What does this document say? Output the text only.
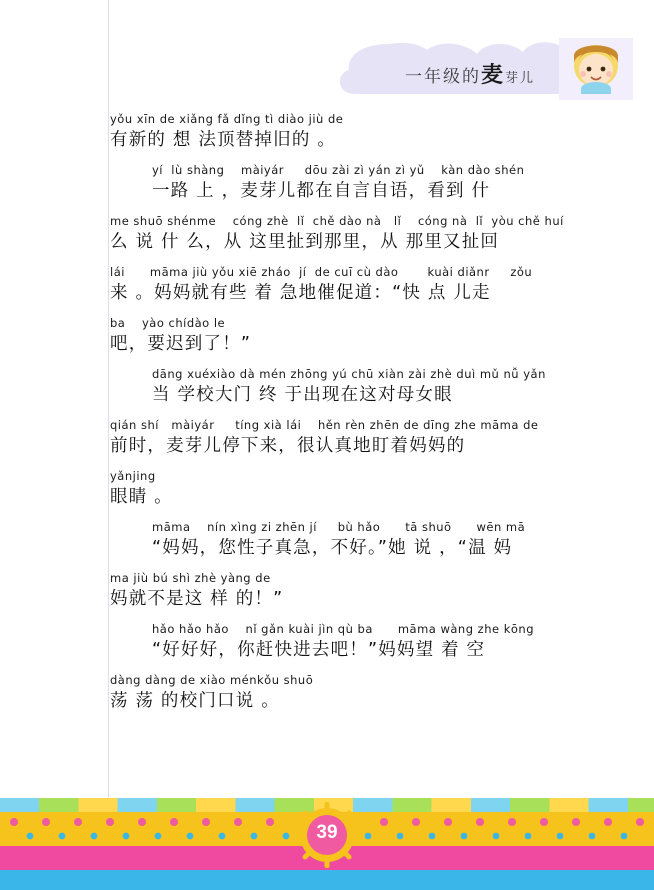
一年级的麦芽儿
yǒu xīn de xiǎng fǎ dǐng tì diào jiù de
有新的 想 法顶替掉旧的 。
yí  lù shàng    màiyár     dōu zài zì yán zì yǔ    kàn dào shén
一路 上 ，麦芽儿都在自言自语，看到 什
me shuō shénme    cóng zhè  lǐ  chě dào nà   lǐ    cóng nà  lǐ  yòu chě huí
么 说 什 么，从 这里扯到那里，从 那里又扯回
lái      māma jiù yǒu xiē zháo  jí  de cuī cù dào       kuài diǎnr     zǒu
来 。妈妈就有些 着 急地催促道：“快 点 儿走
ba    yào chídào le
吧，要迟到了！”
dāng xuéxiào dà mén zhōng yú chū xiàn zài zhè duì mǔ nǚ yǎn
当 学校大门 终 于出现在这对母女眼
qián shí   màiyár     tíng xià lái    hěn rèn zhēn de dīng zhe māma de
前时，麦芽儿停下来，很认真地盯着妈妈的
yǎnjing
眼睛 。
māma    nín xìng zi zhēn jí     bù hǎo      tā shuō      wēn mā
“妈妈，您性子真急，不好。”她 说 ，“温 妈
ma jiù bú shì zhè yàng de
妈就不是这 样 的！”
hǎo hǎo hǎo    nǐ gǎn kuài jìn qù ba      māma wàng zhe kōng
“好好好，你赶快进去吧！”妈妈望 着 空
dàng dàng de xiào ménkǒu shuō
荡 荡 的校门口说 。
39
